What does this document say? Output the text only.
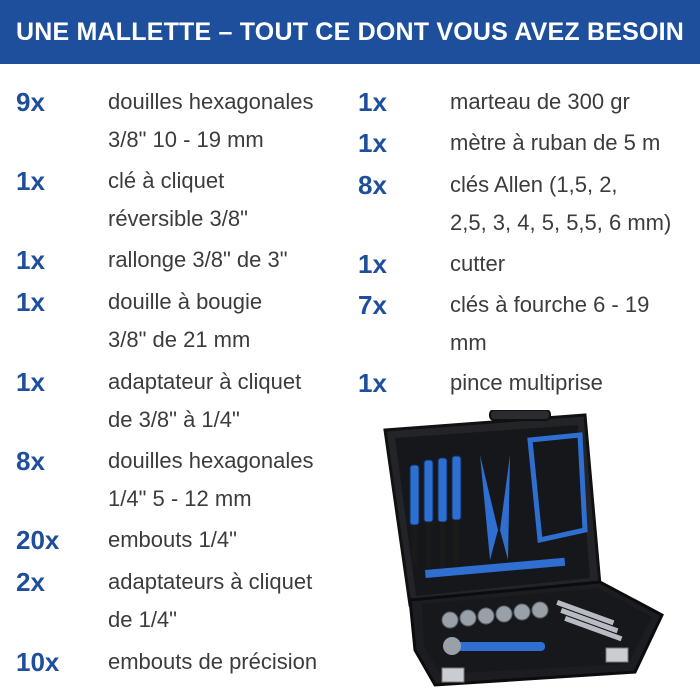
UNE MALLETTE – TOUT CE DONT VOUS AVEZ BESOIN
9x	douilles hexagonales
3/8" 10 - 19 mm
1x	clé à cliquet
réversible 3/8"
1x	rallonge 3/8" de 3"
1x	douille à bougie
3/8" de 21 mm
1x	adaptateur à cliquet
de 3/8" à 1/4"
8x	douilles hexagonales
1/4" 5 - 12 mm
20x embouts 1/4"
2x	adaptateurs à cliquet
de 1/4"
10x embouts de précision
1x	marteau de 300 gr
1x	mètre à ruban de 5 m
8x	clés Allen (1,5, 2,
2,5, 3, 4, 5, 5,5, 6 mm)
1x	cutter
7x	clés à fourche 6 - 19
mm
1x	pince multiprise
